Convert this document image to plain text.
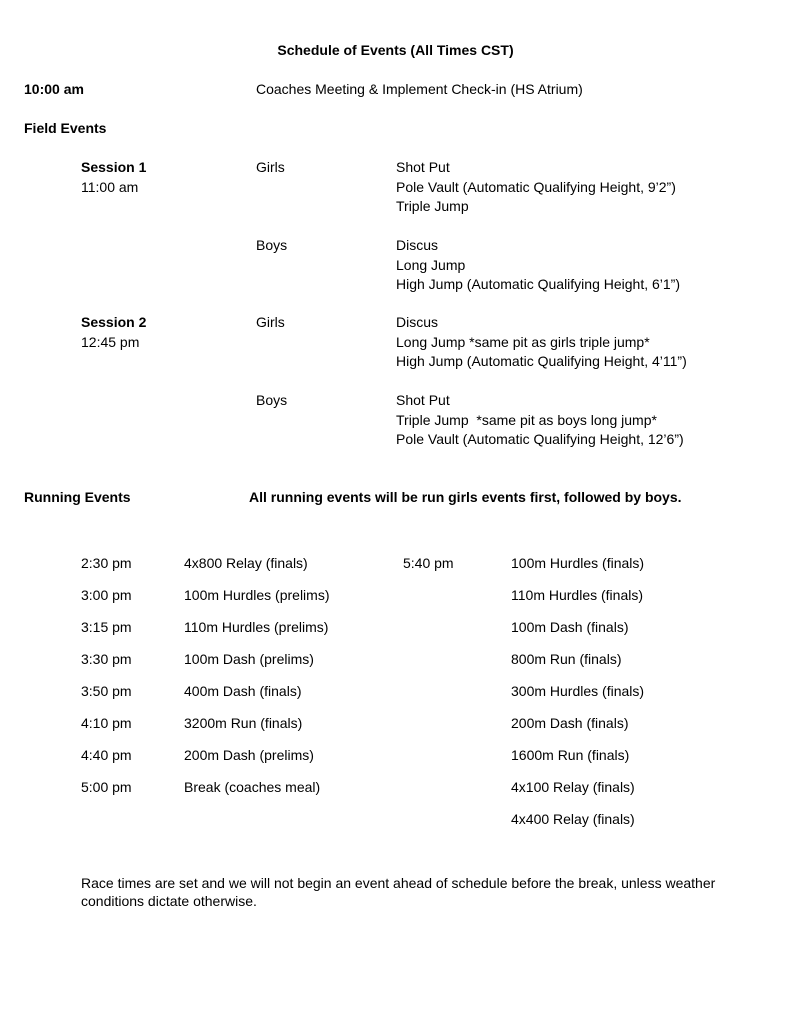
Schedule of Events (All Times CST)
10:00 am	Coaches Meeting & Implement Check-in (HS Atrium)
Field Events
Session 1
11:00 am
Girls	Shot Put
Pole Vault (Automatic Qualifying Height, 9’2”)
Triple Jump
Boys	Discus
Long Jump
High Jump (Automatic Qualifying Height, 6’1”)
Session 2
12:45 pm
Girls	Discus
Long Jump *same pit as girls triple jump*
High Jump (Automatic Qualifying Height, 4’11”)
Boys	Shot Put
Triple Jump  *same pit as boys long jump*
Pole Vault (Automatic Qualifying Height, 12’6”)
Running Events	All running events will be run girls events first, followed by boys.
2:30 pm	4x800 Relay (finals)
3:00 pm	100m Hurdles (prelims)
3:15 pm	110m Hurdles (prelims)
3:30 pm	100m Dash (prelims)
3:50 pm	400m Dash (finals)
4:10 pm	3200m Run (finals)
4:40 pm	200m Dash (prelims)
5:00 pm	Break (coaches meal)
5:40 pm	100m Hurdles (finals)
110m Hurdles (finals)
100m Dash (finals)
800m Run (finals)
300m Hurdles (finals)
200m Dash (finals)
1600m Run (finals)
4x100 Relay (finals)
4x400 Relay (finals)
Race times are set and we will not begin an event ahead of schedule before the break, unless weather conditions dictate otherwise.
